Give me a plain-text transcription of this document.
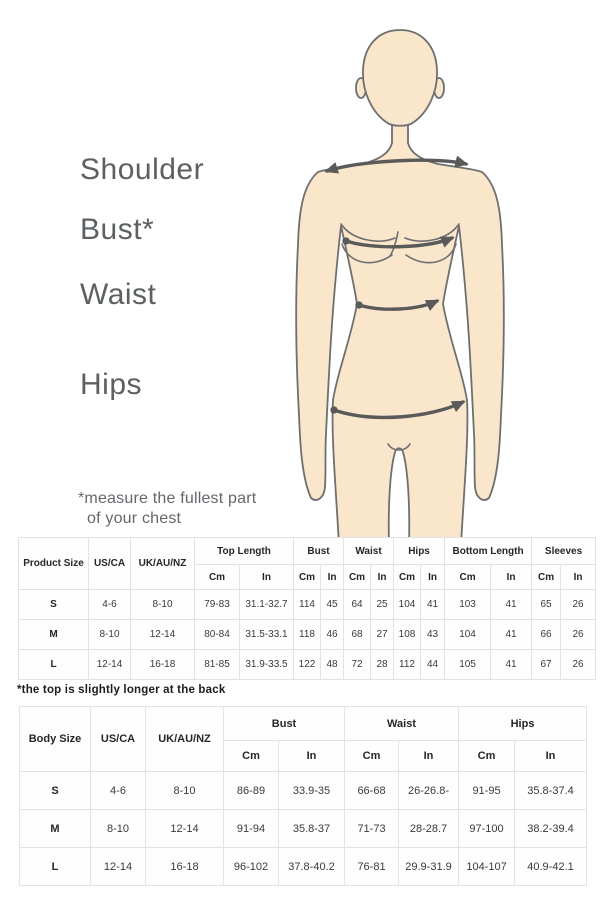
Shoulder
Bust*
Waist
Hips
*measure the fullest part
of your chest
Product Size	US/CA	UK/AU/NZ	Top Length		Bust		Waist		Hips		Bottom Length		Sleeves	
			Cm	In	Cm	In	Cm	In	Cm	In	Cm	In	Cm	In
S	4-6	8-10	79-83	31.1-32.7	114	45	64	25	104	41	103	41	65	26
M	8-10	12-14	80-84	31.5-33.1	118	46	68	27	108	43	104	41	66	26
L	12-14	16-18	81-85	31.9-33.5	122	48	72	28	112	44	105	41	67	26
*the top is slightly longer at the back
Body Size	US/CA	UK/AU/NZ	Bust		Waist		Hips	
			Cm	In	Cm	In	Cm	In
S	4-6	8-10	86-89	33.9-35	66-68	26-26.8-	91-95	35.8-37.4
M	8-10	12-14	91-94	35.8-37	71-73	28-28.7	97-100	38.2-39.4
L	12-14	16-18	96-102	37.8-40.2	76-81	29.9-31.9	104-107	40.9-42.1
